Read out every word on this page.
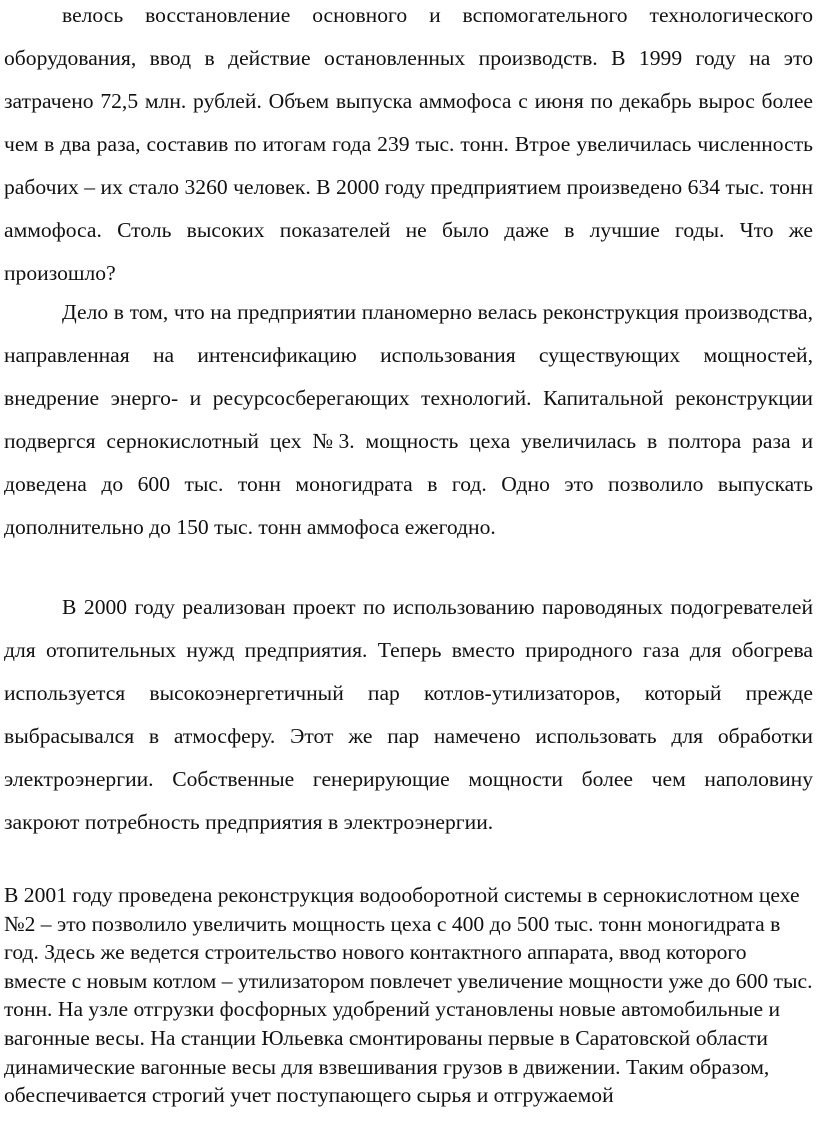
велось восстановление основного и вспомогательного технологического оборудования, ввод в действие остановленных производств. В 1999 году на это затрачено 72,5 млн. рублей. Объем выпуска аммофоса с июня по декабрь вырос более чем в два раза, составив по итогам года 239 тыс. тонн. Втрое увеличилась численность рабочих – их стало 3260 человек. В 2000 году предприятием произведено 634 тыс. тонн аммофоса. Столь высоких показателей не было даже в лучшие годы. Что же произошло?

Дело в том, что на предприятии планомерно велась реконструкция производства, направленная на интенсификацию использования существующих мощностей, внедрение энерго- и ресурсосберегающих технологий. Капитальной реконструкции подвергся сернокислотный цех №3. мощность цеха увеличилась в полтора раза и доведена до 600 тыс. тонн моногидрата в год. Одно это позволило выпускать дополнительно до 150 тыс. тонн аммофоса ежегодно.

В 2000 году реализован проект по использованию пароводяных подогревателей для отопительных нужд предприятия. Теперь вместо природного газа для обогрева используется высокоэнергетичный пар котлов-утилизаторов, который прежде выбрасывался в атмосферу. Этот же пар намечено использовать для обработки электроэнергии. Собственные генерирующие мощности более чем наполовину закроют потребность предприятия в электроэнергии.

В 2001 году проведена реконструкция водооборотной системы в сернокислотном цехе №2 – это позволило увеличить мощность цеха с 400 до 500 тыс. тонн моногидрата в год. Здесь же ведется строительство нового контактного аппарата, ввод которого вместе с новым котлом – утилизатором повлечет увеличение мощности уже до 600 тыс. тонн. На узле отгрузки фосфорных удобрений установлены новые автомобильные и вагонные весы. На станции Юльевка смонтированы первые в Саратовской области динамические вагонные весы для взвешивания грузов в движении. Таким образом, обеспечивается строгий учет поступающего сырья и отгружаемой
